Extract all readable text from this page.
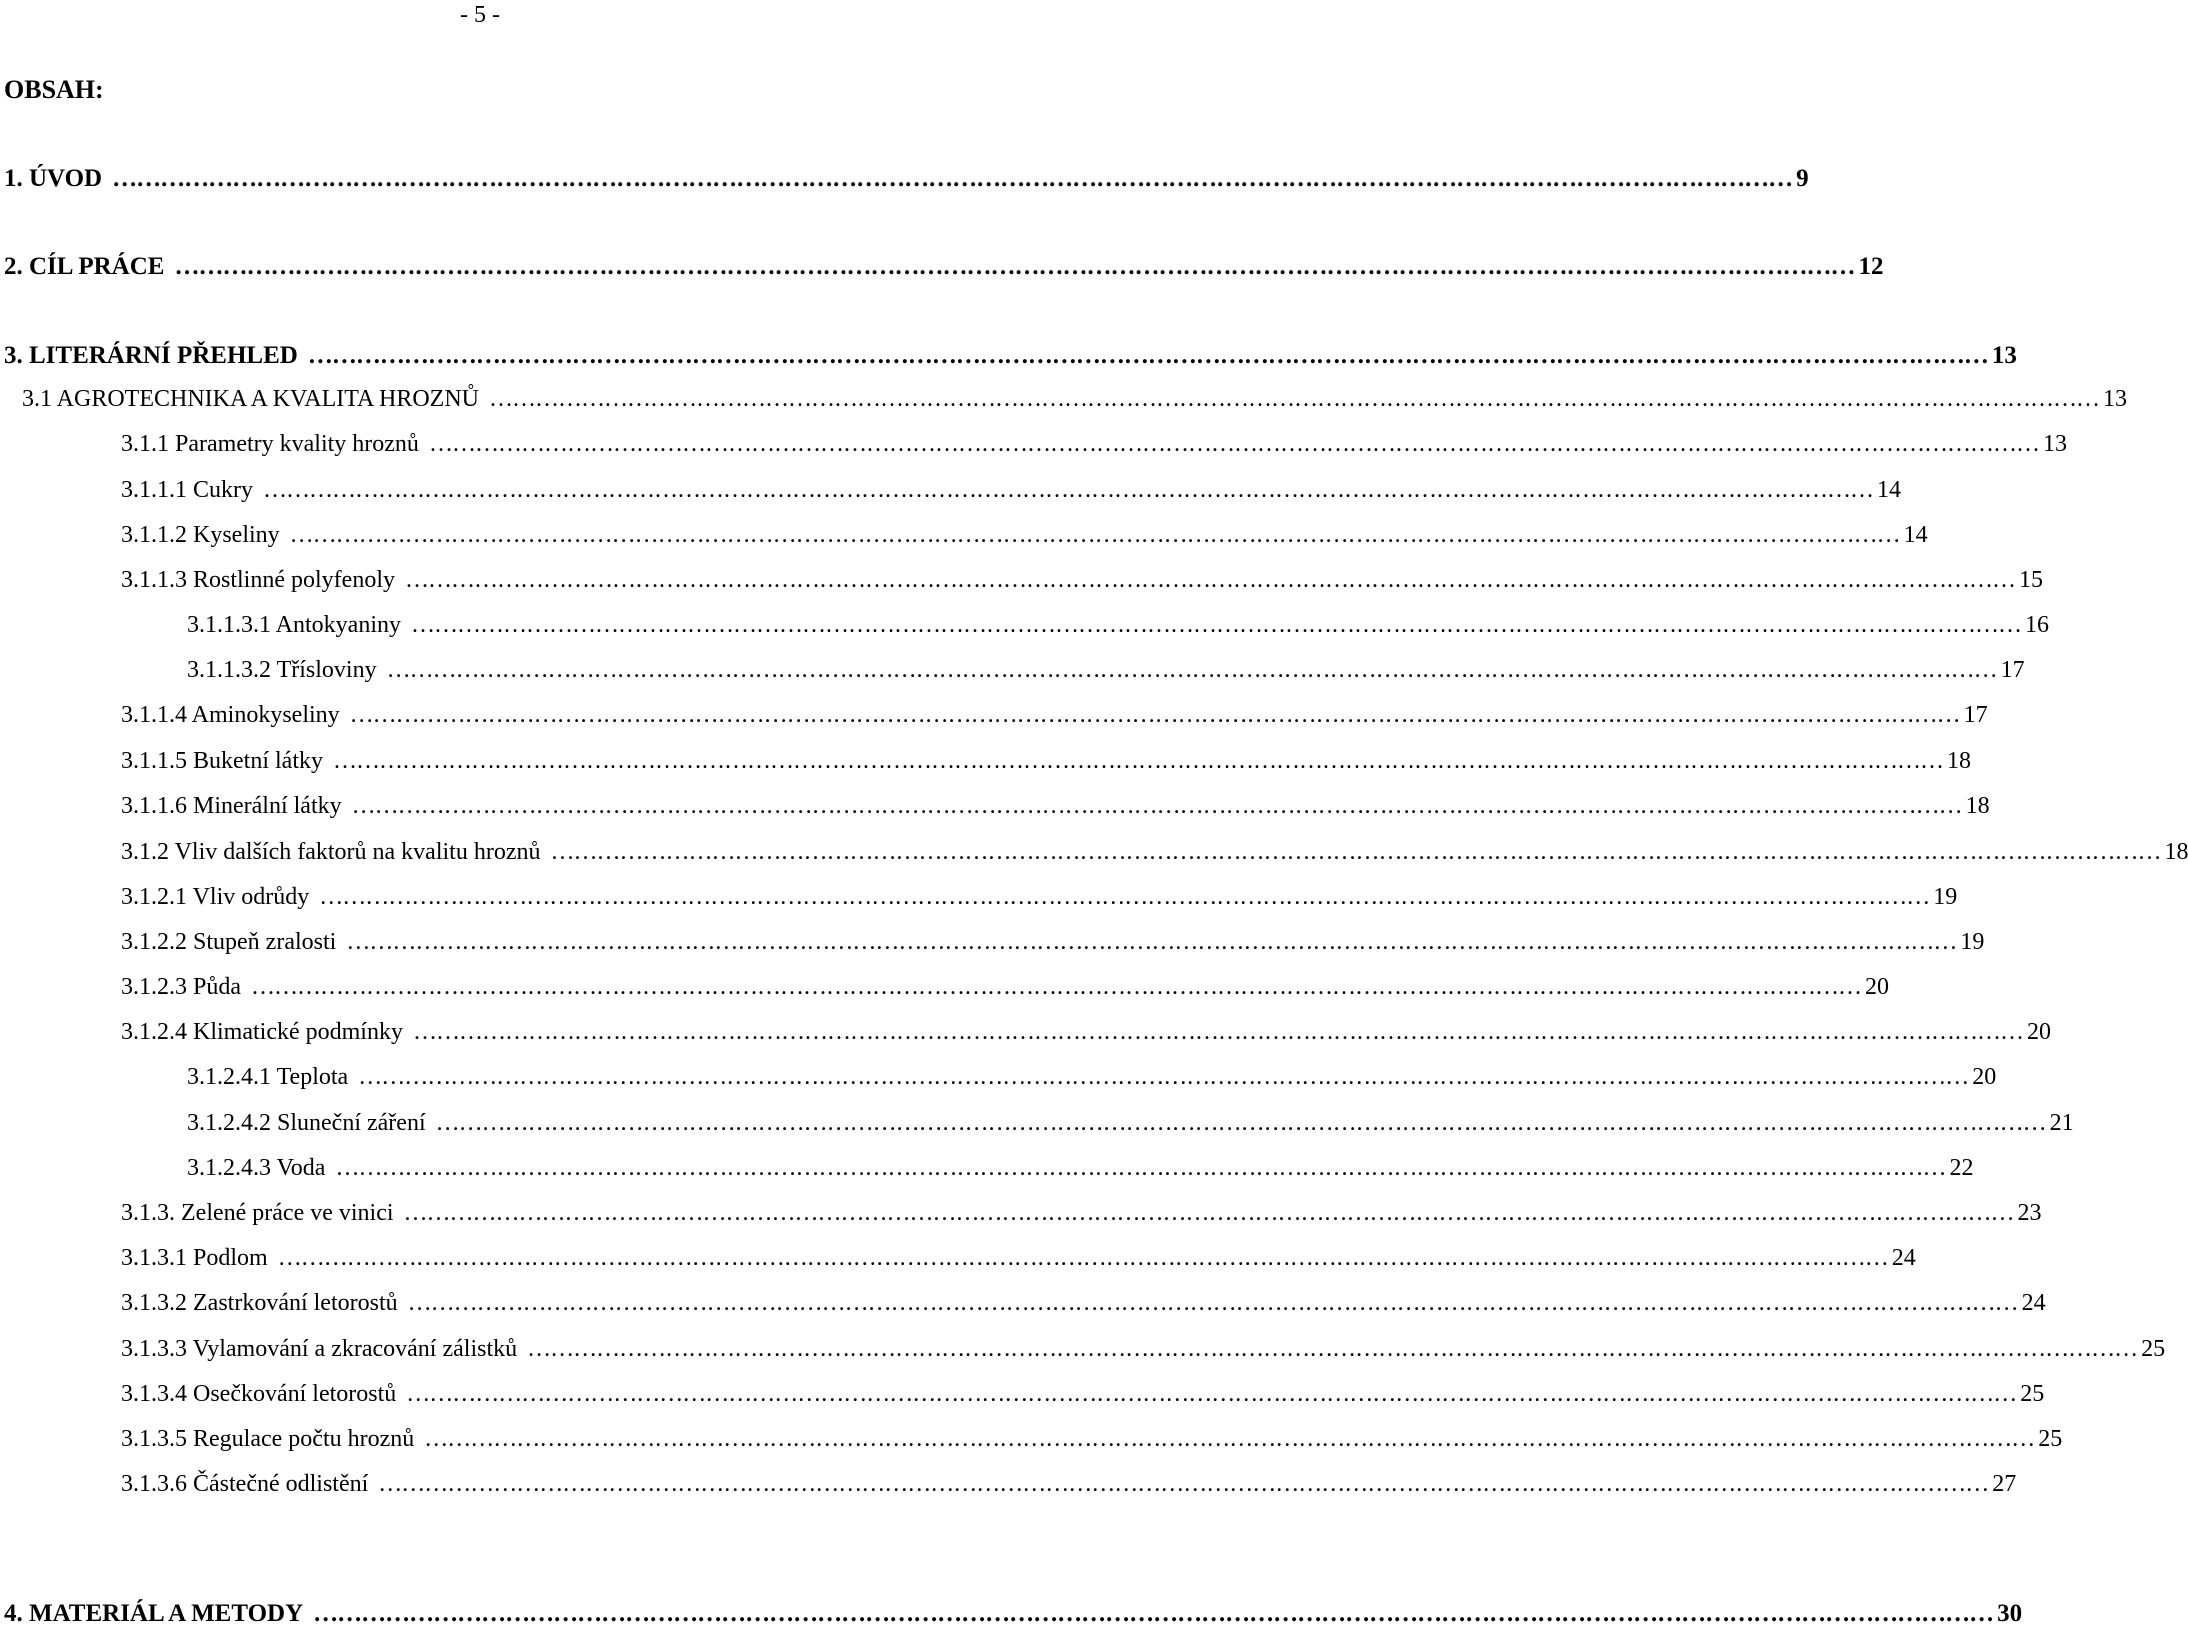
- 5 -
OBSAH:
1. ÚVOD ………………………………………………………………………………………………………………………………………………………………………………………… 9
2. CÍL PRÁCE ………………………………………………………………………………………………………………………………………………………………………………………… 12
3. LITERÁRNÍ PŘEHLED ………………………………………………………………………………………………………………………………………………………………………………………… 13
3.1 AGROTECHNIKA A KVALITA HROZNŮ ………………………………………………………………………………………………………………………………………………………………………………………… 13
3.1.1 Parametry kvality hroznů ………………………………………………………………………………………………………………………………………………………………………………………… 13
3.1.1.1 Cukry ………………………………………………………………………………………………………………………………………………………………………………………… 14
3.1.1.2 Kyseliny ………………………………………………………………………………………………………………………………………………………………………………………… 14
3.1.1.3 Rostlinné polyfenoly ………………………………………………………………………………………………………………………………………………………………………………………… 15
3.1.1.3.1 Antokyaniny ………………………………………………………………………………………………………………………………………………………………………………………… 16
3.1.1.3.2 Třísloviny ………………………………………………………………………………………………………………………………………………………………………………………… 17
3.1.1.4 Aminokyseliny ………………………………………………………………………………………………………………………………………………………………………………………… 17
3.1.1.5 Buketní látky ………………………………………………………………………………………………………………………………………………………………………………………… 18
3.1.1.6 Minerální látky ………………………………………………………………………………………………………………………………………………………………………………………… 18
3.1.2 Vliv dalších faktorů na kvalitu hroznů ………………………………………………………………………………………………………………………………………………………………………………………… 18
3.1.2.1 Vliv odrůdy ………………………………………………………………………………………………………………………………………………………………………………………… 19
3.1.2.2 Stupeň zralosti ………………………………………………………………………………………………………………………………………………………………………………………… 19
3.1.2.3 Půda ………………………………………………………………………………………………………………………………………………………………………………………… 20
3.1.2.4 Klimatické podmínky ………………………………………………………………………………………………………………………………………………………………………………………… 20
3.1.2.4.1 Teplota ………………………………………………………………………………………………………………………………………………………………………………………… 20
3.1.2.4.2 Sluneční záření ………………………………………………………………………………………………………………………………………………………………………………………… 21
3.1.2.4.3 Voda ………………………………………………………………………………………………………………………………………………………………………………………… 22
3.1.3. Zelené práce ve vinici ………………………………………………………………………………………………………………………………………………………………………………………… 23
3.1.3.1 Podlom ………………………………………………………………………………………………………………………………………………………………………………………… 24
3.1.3.2 Zastrkování letorostů ………………………………………………………………………………………………………………………………………………………………………………………… 24
3.1.3.3 Vylamování a zkracování zálistků ………………………………………………………………………………………………………………………………………………………………………………………… 25
3.1.3.4 Osečkování letorostů ………………………………………………………………………………………………………………………………………………………………………………………… 25
3.1.3.5 Regulace počtu hroznů ………………………………………………………………………………………………………………………………………………………………………………………… 25
3.1.3.6 Částečné odlistění ………………………………………………………………………………………………………………………………………………………………………………………… 27
4. MATERIÁL A METODY ………………………………………………………………………………………………………………………………………………………………………………………… 30
